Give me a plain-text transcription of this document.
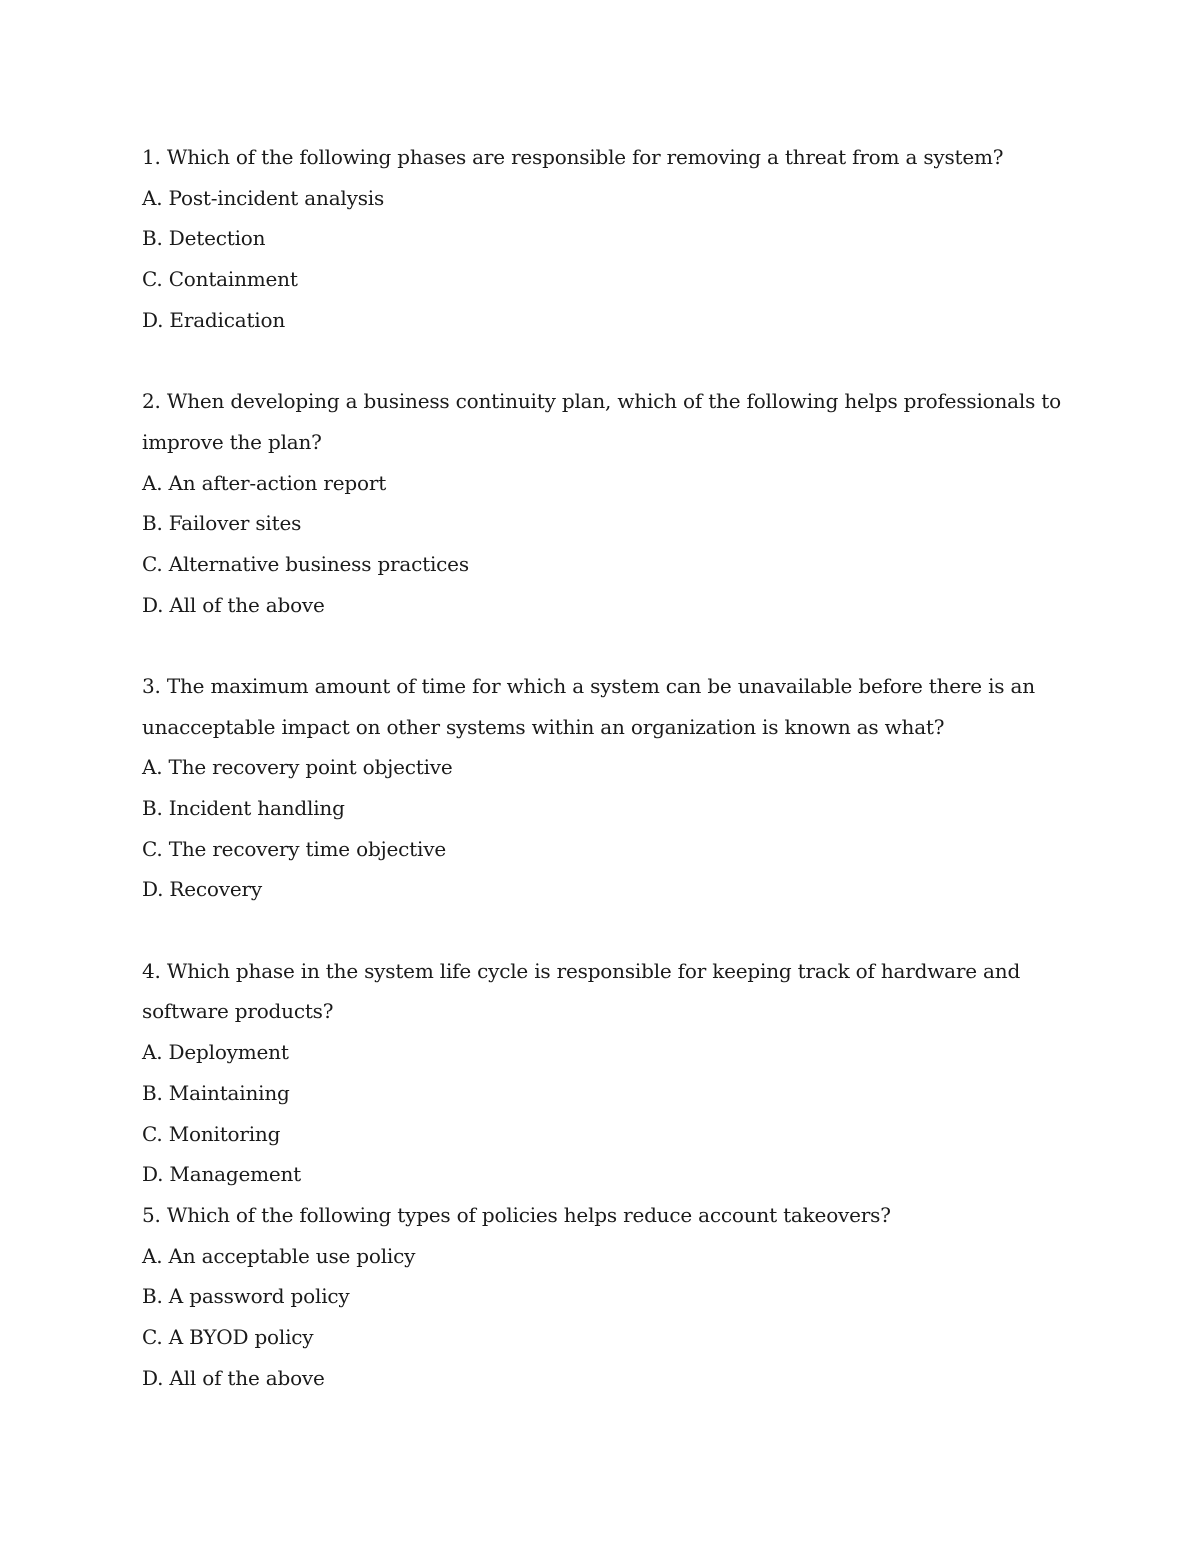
1. Which of the following phases are responsible for removing a threat from a system?
A. Post-incident analysis
B. Detection
C. Containment
D. Eradication
2. When developing a business continuity plan, which of the following helps professionals to
improve the plan?
A. An after-action report
B. Failover sites
C. Alternative business practices
D. All of the above
3. The maximum amount of time for which a system can be unavailable before there is an
unacceptable impact on other systems within an organization is known as what?
A. The recovery point objective
B. Incident handling
C. The recovery time objective
D. Recovery
4. Which phase in the system life cycle is responsible for keeping track of hardware and
software products?
A. Deployment
B. Maintaining
C. Monitoring
D. Management
5. Which of the following types of policies helps reduce account takeovers?
A. An acceptable use policy
B. A password policy
C. A BYOD policy
D. All of the above
